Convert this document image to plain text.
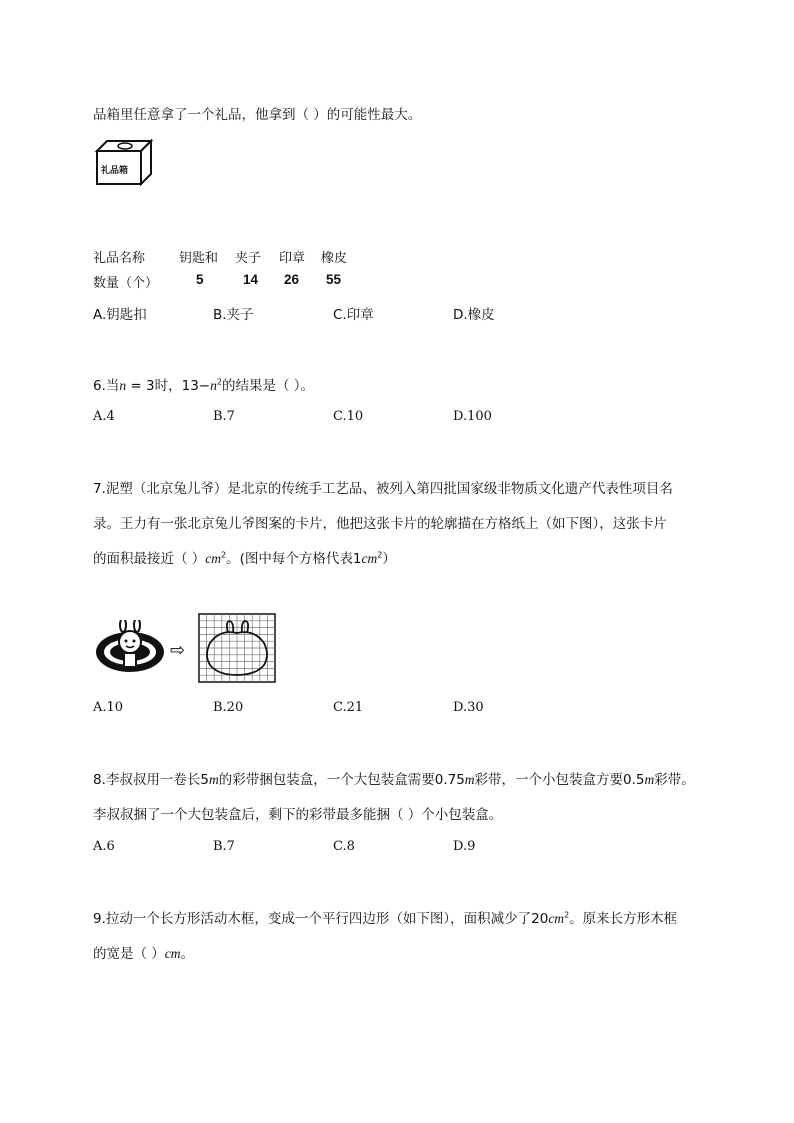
品箱里任意拿了一个礼品，他拿到（ ）的可能性最大。
礼品箱
礼品名称	钥匙和 夹子 印章 橡皮
数量（个）	5	14 26 55
A.钥匙扣	B.夹子	C.印章	D.橡皮
6.当n = 3时，$13-n^2$的结果是（ ）。
A.4	B.7	C.10	D.100
7.泥塑（北京兔儿爷）是北京的传统手工艺品、被列入第四批国家级非物质文化遗产代表性项目名
录。王力有一张北京兔儿爷图案的卡片，他把这张卡片的轮廓描在方格纸上（如下图），这张卡片
的面积最接近（ ）$cm^2$。(图中每个方格代表$1cm^2$）
⇨
A.10	B.20	C.21	D.30
8.李叔叔用一卷长5m的彩带捆包装盒，一个大包装盒需要0.75m彩带，一个小包装盒方要0.5m彩带。
李叔叔捆了一个大包装盒后，剩下的彩带最多能捆（ ）个小包装盒。
A.6	B.7	C.8	D.9
9.拉动一个长方形活动木框，变成一个平行四边形（如下图），面积减少了$20cm^2$。原来长方形木框
的宽是（ ）cm。
